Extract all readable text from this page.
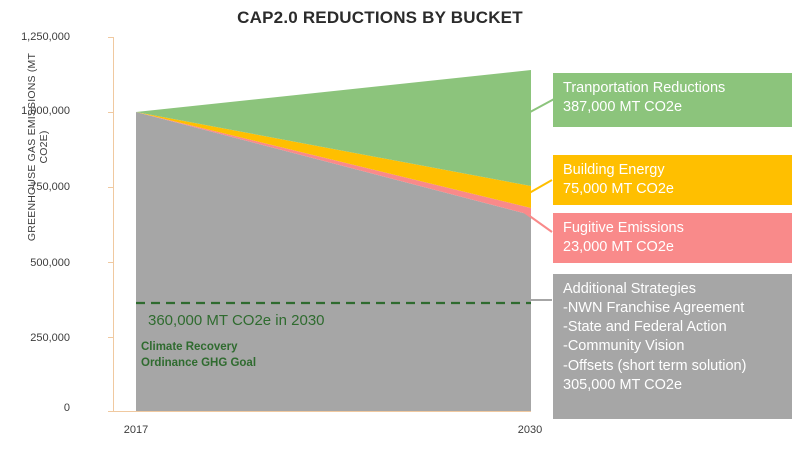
CAP2.0 REDUCTIONS BY BUCKET
GREENHOUSE GAS EMISSIONS (MT CO2E)
1,250,000
1,000,000
750,000
500,000
250,000
0
2017	2030
Tranportation Reductions
387,000 MT CO2e
Building Energy
75,000 MT CO2e
Fugitive Emissions
23,000 MT CO2e
Additional Strategies
-NWN Franchise Agreement
-State and Federal Action
-Community Vision
-Offsets (short term solution)
305,000 MT CO2e
360,000 MT CO2e in 2030
Climate Recovery
Ordinance GHG Goal
